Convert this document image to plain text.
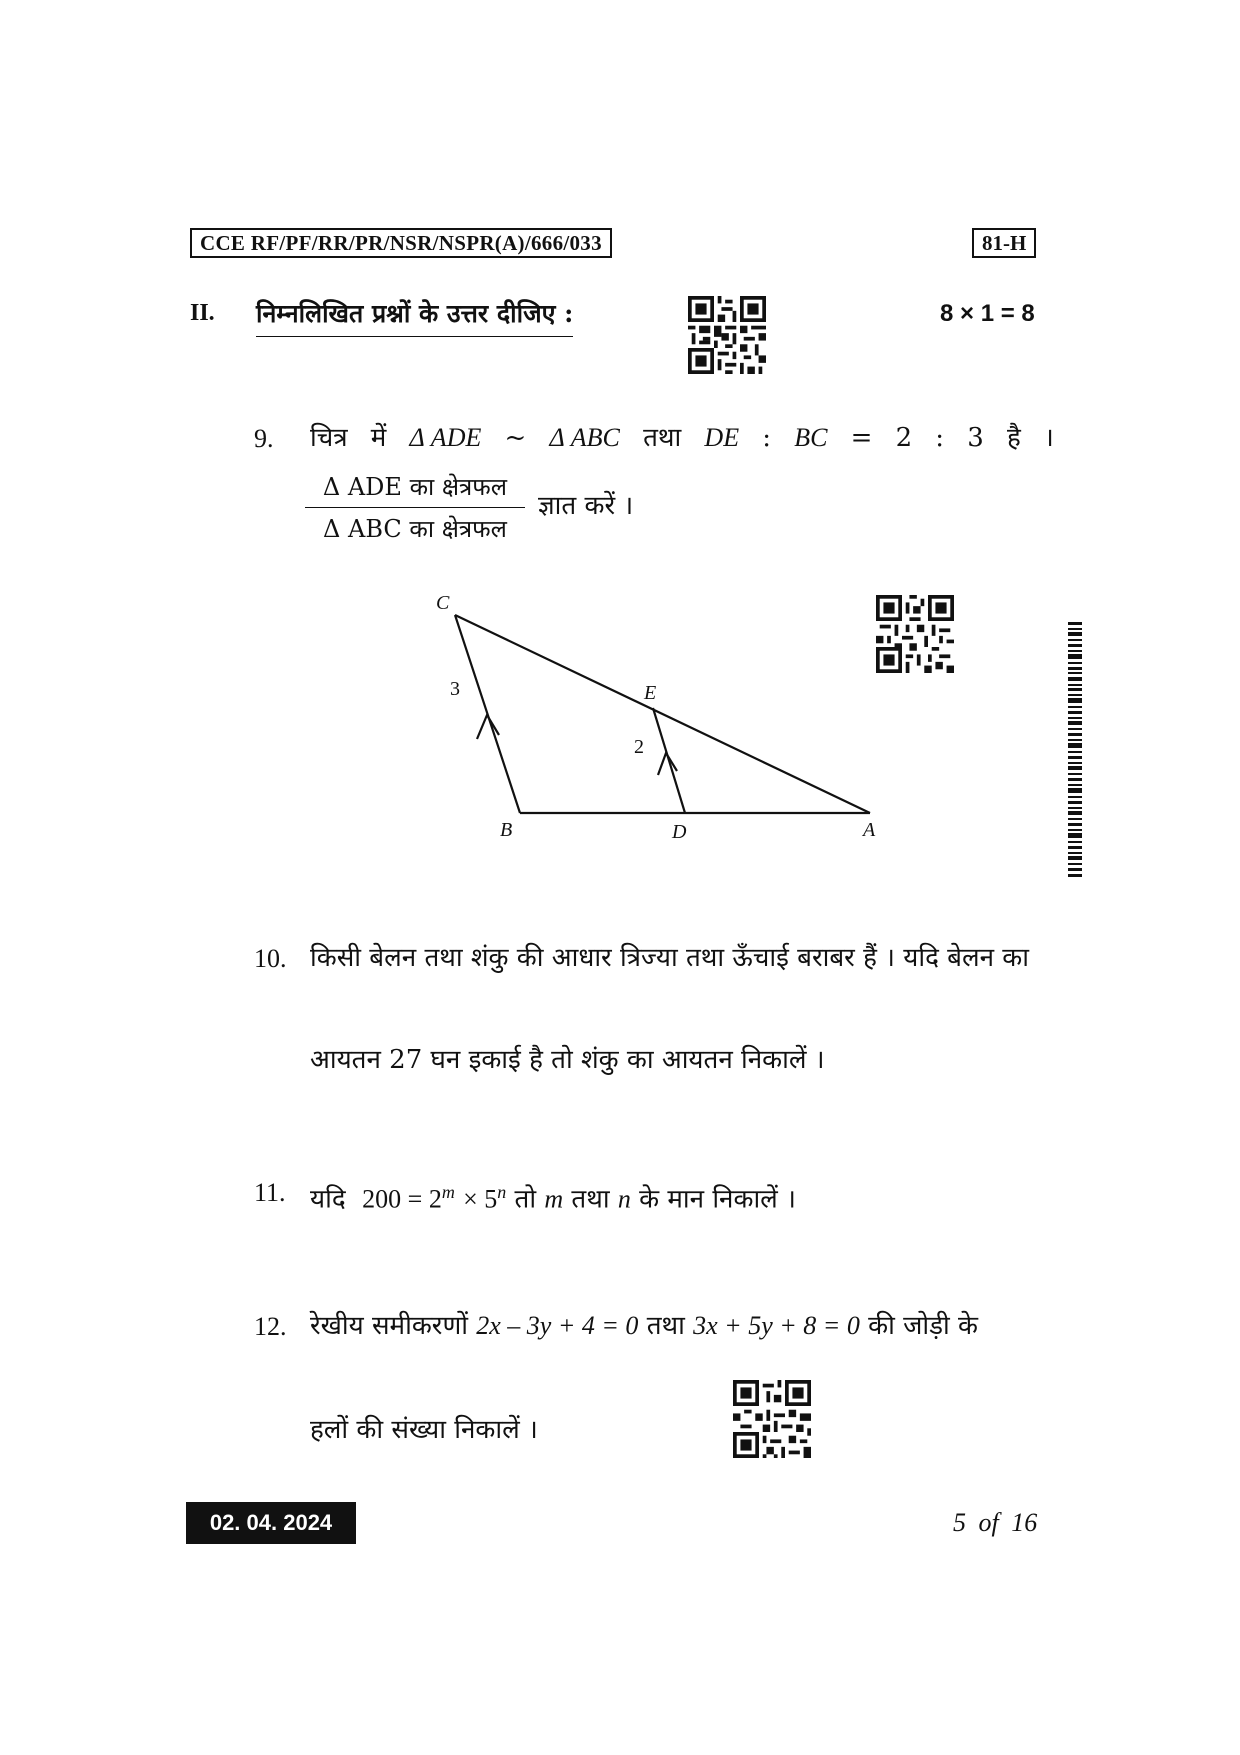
CCE RF/PF/RR/PR/NSR/NSPR(A)/666/033	81-H
II. निम्नलिखित प्रश्नों के उत्तर दीजिए :	8 × 1 = 8
9. चित्र में Δ ADE ~ Δ ABC तथा DE : BC = 2 : 3 है ।
Δ ADE का क्षेत्रफल
Δ ABC का क्षेत्रफल
ज्ञात करें ।
C
E
B	D	A
3
2
10. किसी बेलन तथा शंकु की आधार त्रिज्या तथा ऊँचाई बराबर हैं । यदि बेलन का
आयतन 27 घन इकाई है तो शंकु का आयतन निकालें ।
11. यदि $200 = 2^m \times 5^n$ तो m तथा n के मान निकालें ।
12. रेखीय समीकरणों 2x – 3y + 4 = 0 तथा 3x + 5y + 8 = 0 की जोड़ी के
हलों की संख्या निकालें ।
02. 04. 2024	5 of 16
